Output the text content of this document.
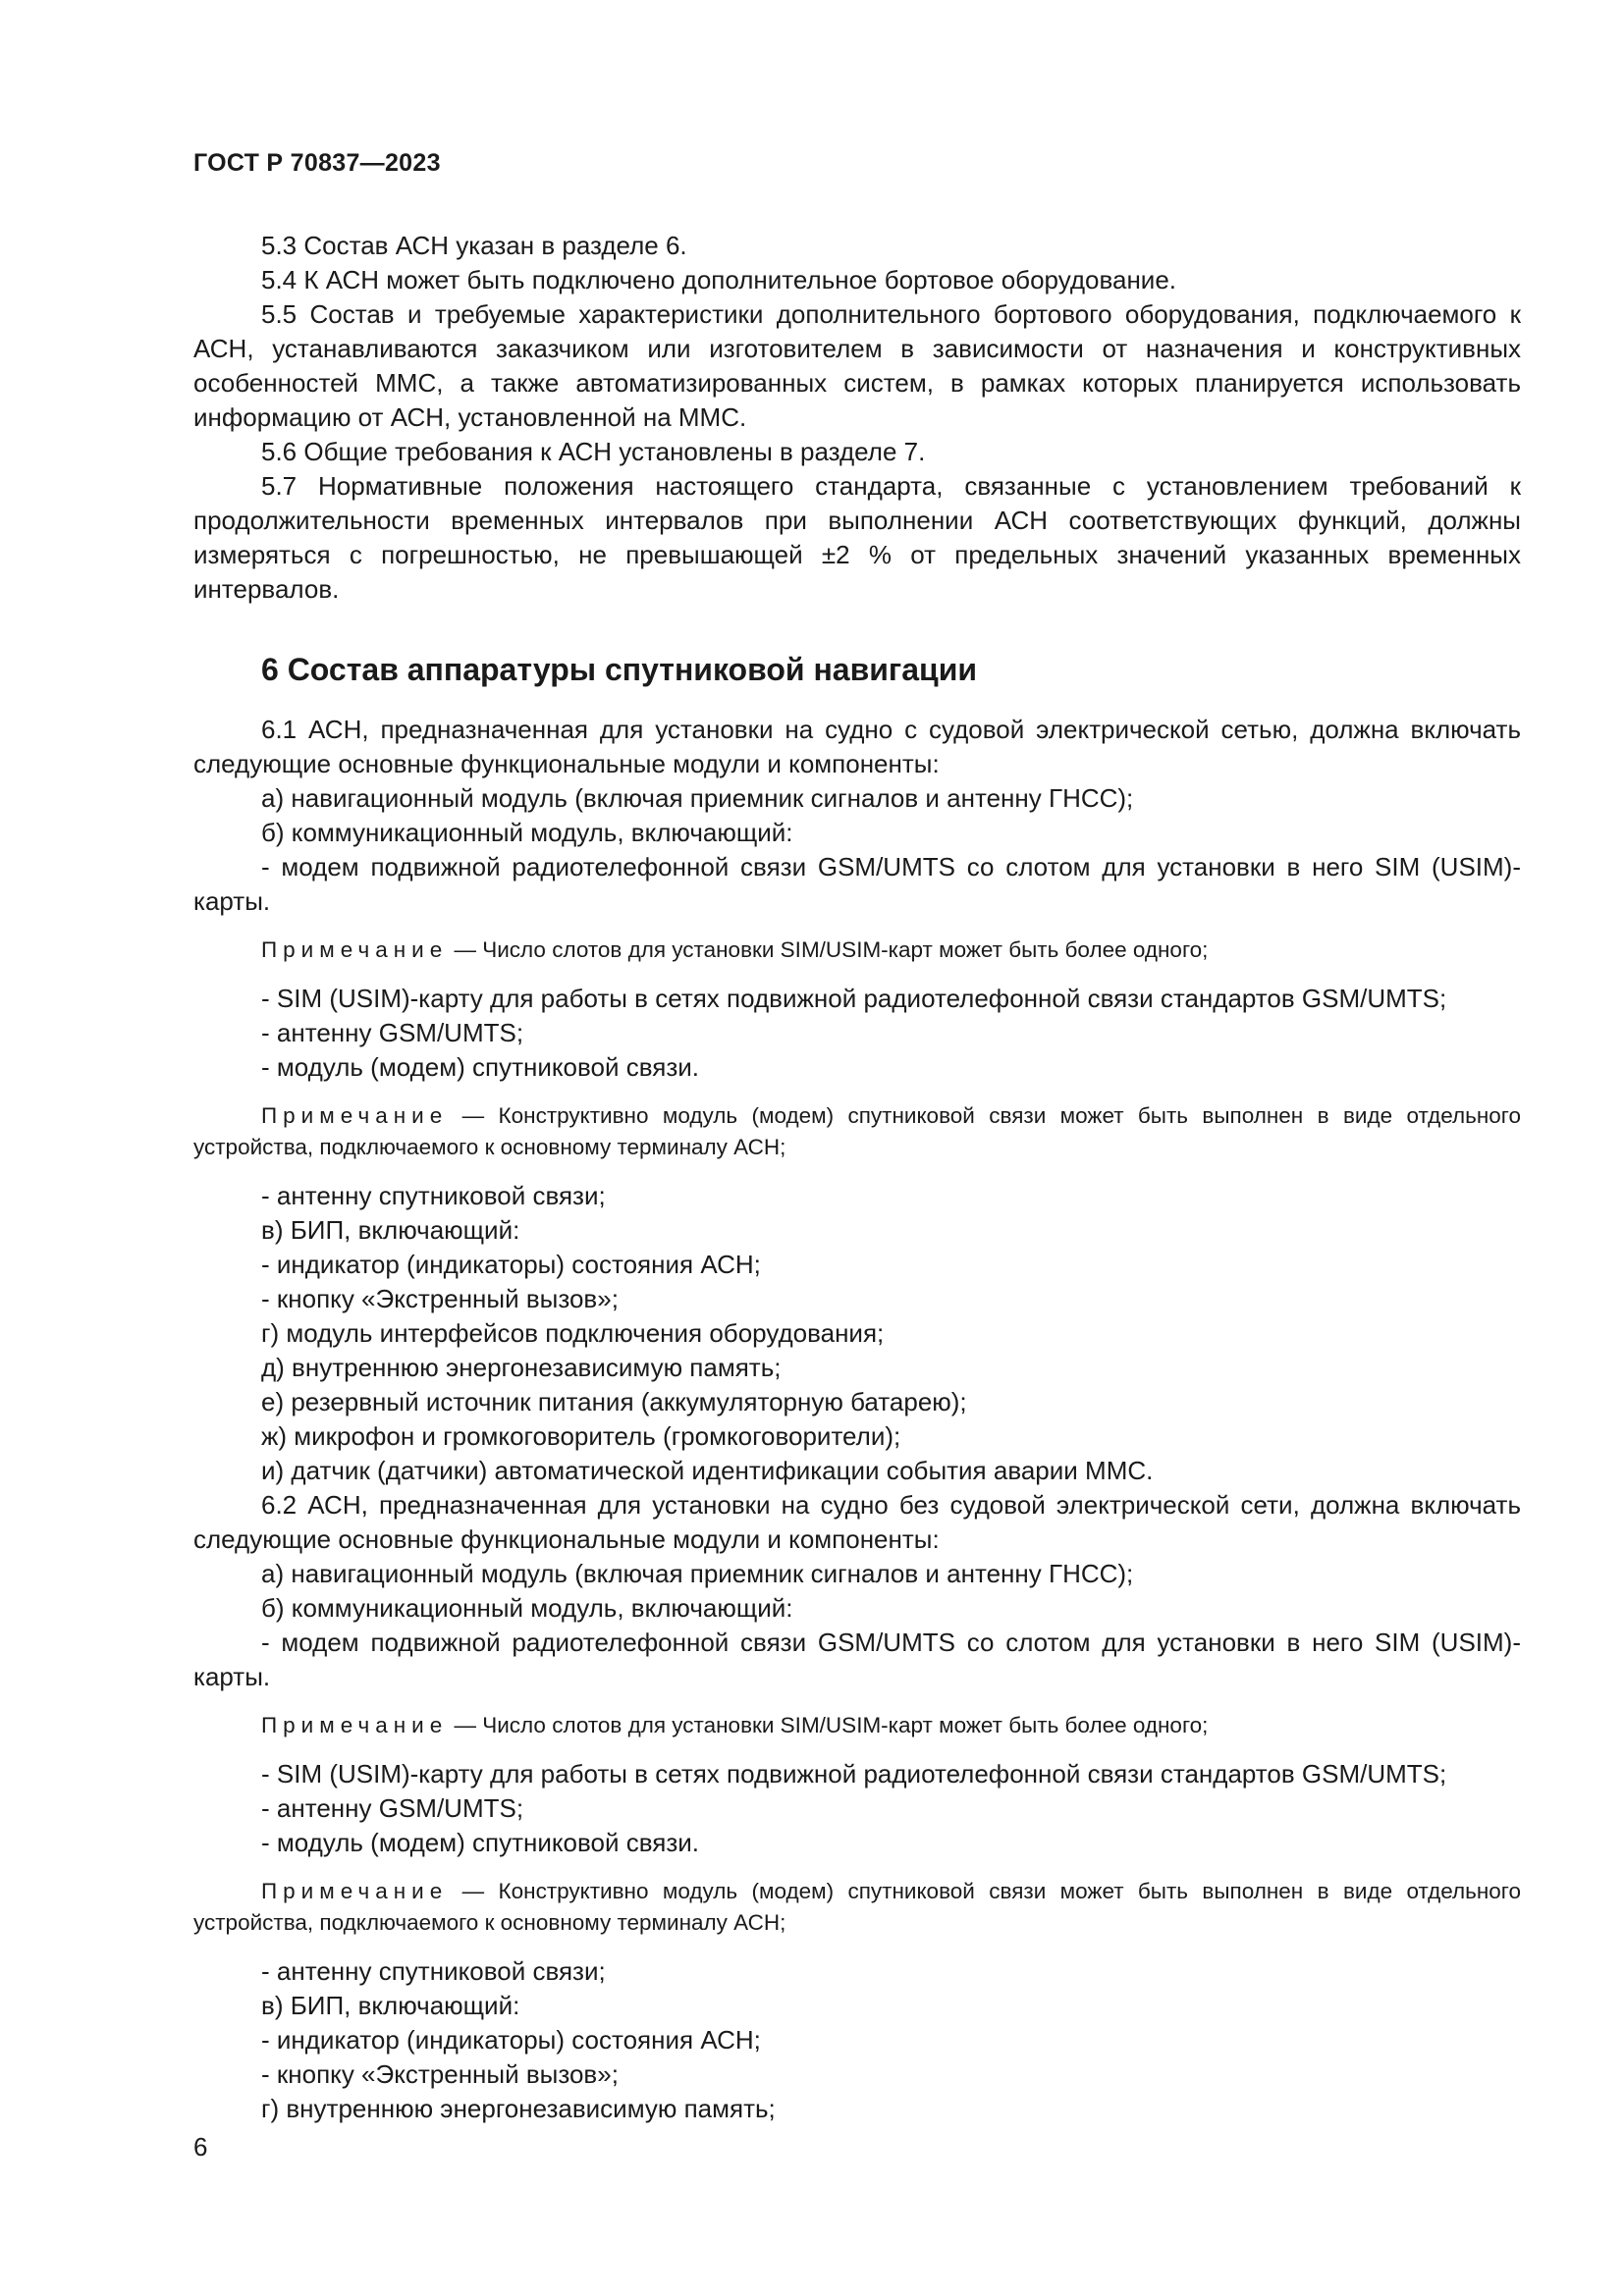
ГОСТ Р 70837—2023

5.3 Состав АСН указан в разделе 6.

5.4 К АСН может быть подключено дополнительное бортовое оборудование.

5.5 Состав и требуемые характеристики дополнительного бортового оборудования, подключаемого к АСН, устанавливаются заказчиком или изготовителем в зависимости от назначения и конструктивных особенностей ММС, а также автоматизированных систем, в рамках которых планируется использовать информацию от АСН, установленной на ММС.

5.6 Общие требования к АСН установлены в разделе 7.

5.7 Нормативные положения настоящего стандарта, связанные с установлением требований к продолжительности временных интервалов при выполнении АСН соответствующих функций, должны измеряться с погрешностью, не превышающей ±2 % от предельных значений указанных временных интервалов.

6 Состав аппаратуры спутниковой навигации

6.1 АСН, предназначенная для установки на судно с судовой электрической сетью, должна включать следующие основные функциональные модули и компоненты:

а) навигационный модуль (включая приемник сигналов и антенну ГНСС);

б) коммуникационный модуль, включающий:

- модем подвижной радиотелефонной связи GSM/UMTS со слотом для установки в него SIM (USIM)-карты.

Примечание — Число слотов для установки SIM/USIM-карт может быть более одного;

- SIM (USIM)-карту для работы в сетях подвижной радиотелефонной связи стандартов GSM/UMTS;

- антенну GSM/UMTS;

- модуль (модем) спутниковой связи.

Примечание — Конструктивно модуль (модем) спутниковой связи может быть выполнен в виде отдельного устройства, подключаемого к основному терминалу АСН;

- антенну спутниковой связи;

в) БИП, включающий:

- индикатор (индикаторы) состояния АСН;

- кнопку «Экстренный вызов»;

г) модуль интерфейсов подключения оборудования;

д) внутреннюю энергонезависимую память;

е) резервный источник питания (аккумуляторную батарею);

ж) микрофон и громкоговоритель (громкоговорители);

и) датчик (датчики) автоматической идентификации события аварии ММС.

6.2 АСН, предназначенная для установки на судно без судовой электрической сети, должна включать следующие основные функциональные модули и компоненты:

а) навигационный модуль (включая приемник сигналов и антенну ГНСС);

б) коммуникационный модуль, включающий:

- модем подвижной радиотелефонной связи GSM/UMTS со слотом для установки в него SIM (USIM)-карты.

Примечание — Число слотов для установки SIM/USIM-карт может быть более одного;

- SIM (USIM)-карту для работы в сетях подвижной радиотелефонной связи стандартов GSM/UMTS;

- антенну GSM/UMTS;

- модуль (модем) спутниковой связи.

Примечание — Конструктивно модуль (модем) спутниковой связи может быть выполнен в виде отдельного устройства, подключаемого к основному терминалу АСН;

- антенну спутниковой связи;

в) БИП, включающий:

- индикатор (индикаторы) состояния АСН;

- кнопку «Экстренный вызов»;

г) внутреннюю энергонезависимую память;

6
